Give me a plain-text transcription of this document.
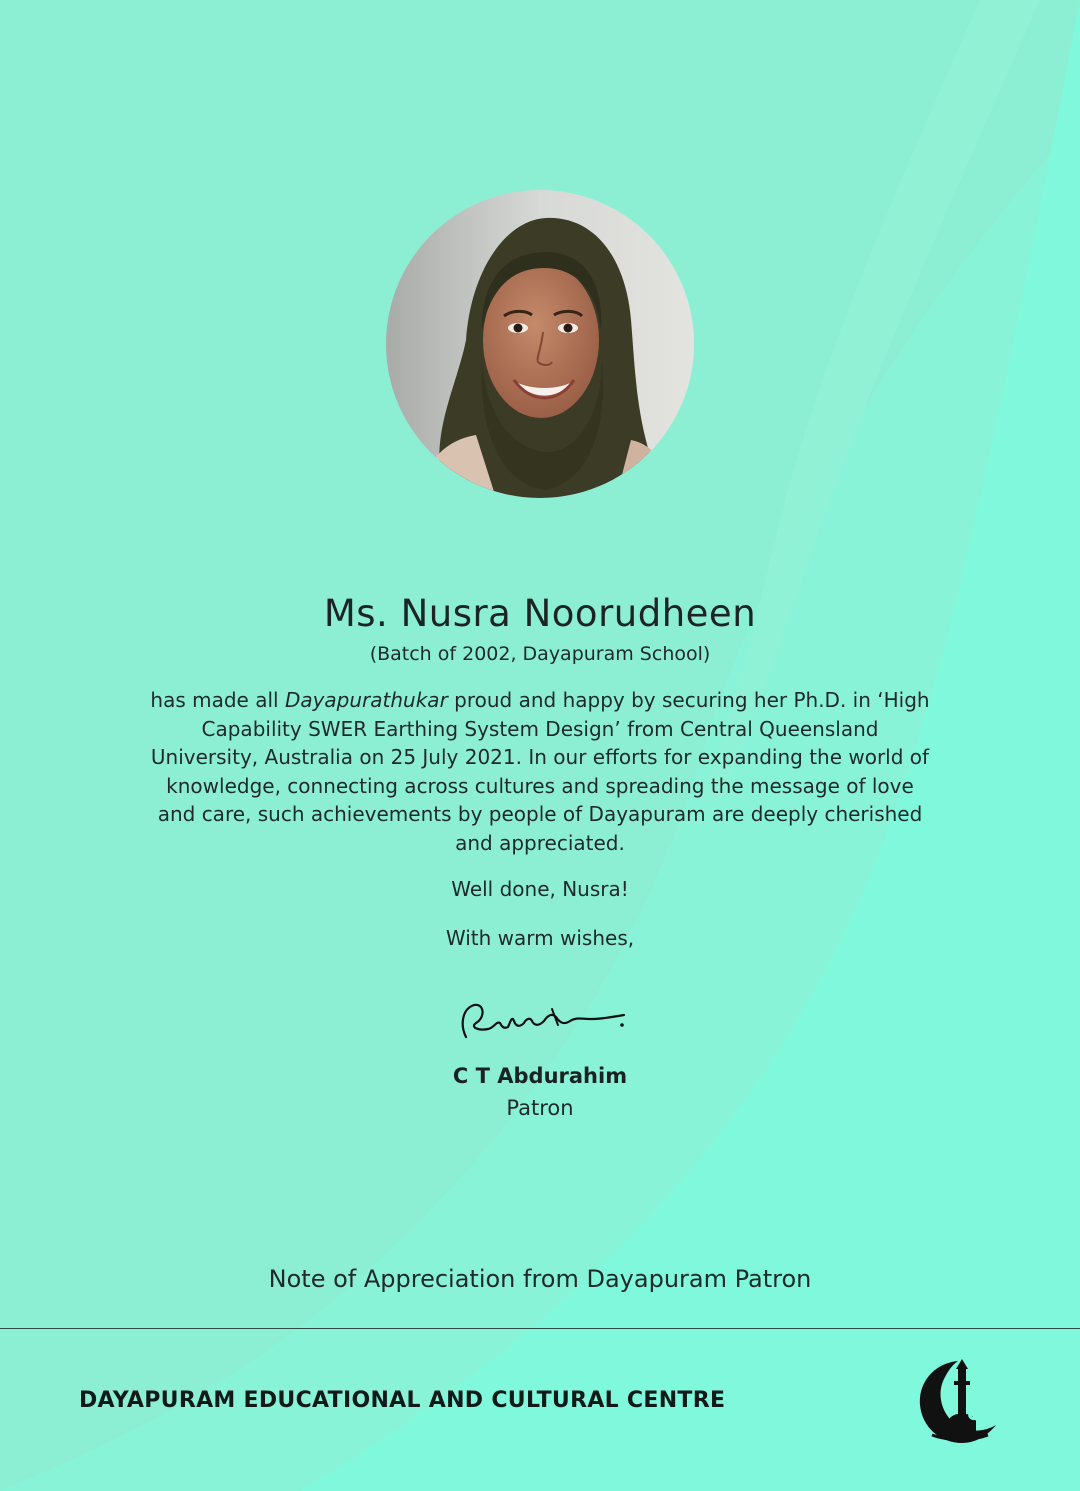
Ms. Nusra Noorudheen
(Batch of 2002, Dayapuram School)
has made all Dayapurathukar proud and happy by securing her Ph.D. in ‘High Capability SWER Earthing System Design’ from Central Queensland University, Australia on 25 July 2021. In our efforts for expanding the world of knowledge, connecting across cultures and spreading the message of love and care, such achievements by people of Dayapuram are deeply cherished and appreciated.
Well done, Nusra!
With warm wishes,
C T Abdurahim
Patron
Note of Appreciation from Dayapuram Patron
DAYAPURAM EDUCATIONAL AND CULTURAL CENTRE
